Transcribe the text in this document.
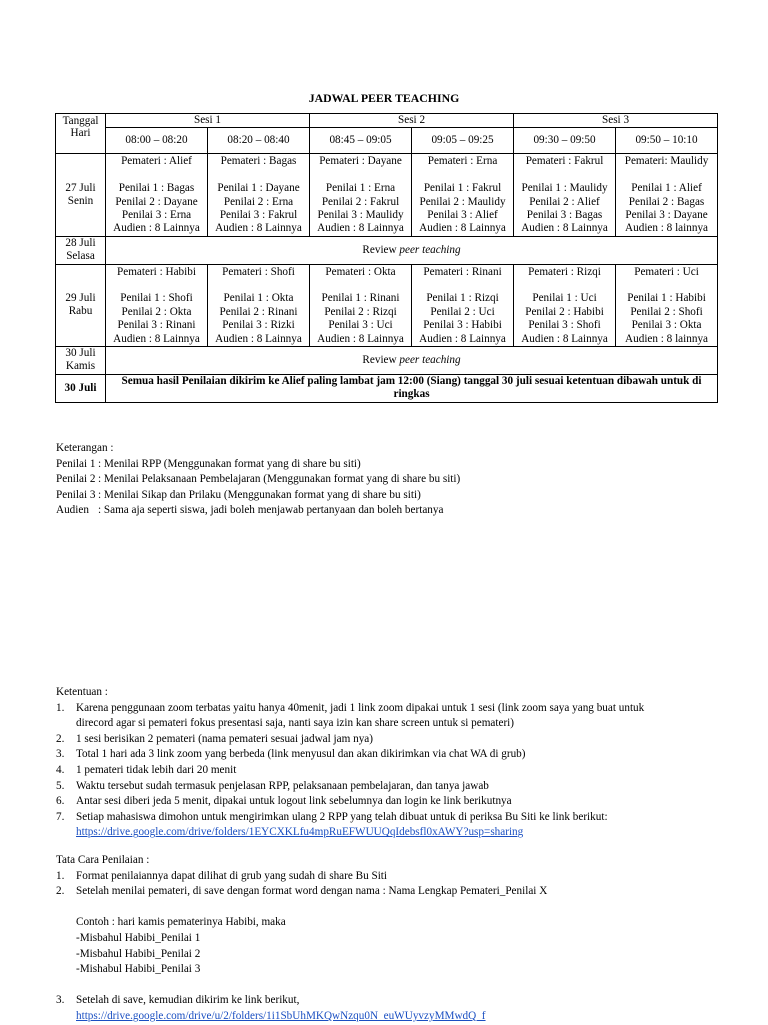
JADWAL PEER TEACHING
Tanggal Hari	Sesi 1		Sesi 2		Sesi 3	
	08:00 – 08:20	08:20 – 08:40	08:45 – 09:05	09:05 – 09:25	09:30 – 09:50	09:50 – 10:10

27 Juli
Senin	Pemateri : Alief
Penilai 1 : Bagas
Penilai 2 : Dayane
Penilai 3 : Erna
Audien : 8 Lainnya	Pemateri : Bagas
Penilai 1 : Dayane
Penilai 2 : Erna
Penilai 3 : Fakrul
Audien : 8 Lainnya	Pemateri : Dayane
Penilai 1 : Erna
Penilai 2 : Fakrul
Penilai 3 : Maulidy
Audien : 8 Lainnya	Pemateri : Erna
Penilai 1 : Fakrul
Penilai 2 : Maulidy
Penilai 3 : Alief
Audien : 8 Lainnya	Pemateri : Fakrul
Penilai 1 : Maulidy
Penilai 2 : Alief
Penilai 3 : Bagas
Audien : 8 Lainnya	Pemateri: Maulidy
Penilai 1 : Alief
Penilai 2 : Bagas
Penilai 3 : Dayane
Audien : 8 lainnya

28 Juli
Selasa	Review peer teaching					

29 Juli
Rabu	Pemateri : Habibi
Penilai 1 : Shofi
Penilai 2 : Okta
Penilai 3 : Rinani
Audien : 8 Lainnya	Pemateri : Shofi
Penilai 1 : Okta
Penilai 2 : Rinani
Penilai 3 : Rizki
Audien : 8 Lainnya	Pemateri : Okta
Penilai 1 : Rinani
Penilai 2 : Rizqi
Penilai 3 : Uci
Audien : 8 Lainnya	Pemateri : Rinani
Penilai 1 : Rizqi
Penilai 2 : Uci
Penilai 3 : Habibi
Audien : 8 Lainnya	Pemateri : Rizqi
Penilai 1 : Uci
Penilai 2 : Habibi
Penilai 3 : Shofi
Audien : 8 Lainnya	Pemateri : Uci
Penilai 1 : Habibi
Penilai 2 : Shofi
Penilai 3 : Okta
Audien : 8 lainnya

30 Juli
Kamis	Review peer teaching					
30 Juli	Semua hasil Penilaian dikirim ke Alief paling lambat jam 12:00 (Siang) tanggal 30 juli sesuai ketentuan dibawah untuk di ringkas					
Keterangan :
Penilai 1 : Menilai RPP (Menggunakan format yang di share bu siti)
Penilai 2 : Menilai Pelaksanaan Pembelajaran (Menggunakan format yang di share bu siti)
Penilai 3 : Menilai Sikap dan Prilaku (Menggunakan format yang di share bu siti)
Audien : Sama aja seperti siswa, jadi boleh menjawab pertanyaan dan boleh bertanya
Ketentuan :
1.	Karena penggunaan zoom terbatas yaitu hanya 40menit, jadi 1 link zoom dipakai untuk 1 sesi (link zoom saya yang buat untuk
direcord agar si pemateri fokus presentasi saja, nanti saya izin kan share screen untuk si pemateri)
2.	1 sesi berisikan 2 pemateri (nama pemateri sesuai jadwal jam nya)
3.	Total 1 hari ada 3 link zoom yang berbeda (link menyusul dan akan dikirimkan via chat WA di grub)
4.	1 pemateri tidak lebih dari 20 menit
5.	Waktu tersebut sudah termasuk penjelasan RPP, pelaksanaan pembelajaran, dan tanya jawab
6.	Antar sesi diberi jeda 5 menit, dipakai untuk logout link sebelumnya dan login ke link berikutnya
7.	Setiap mahasiswa dimohon untuk mengirimkan ulang 2 RPP yang telah dibuat untuk di periksa Bu Siti ke link berikut:
https://drive.google.com/drive/folders/1EYCXKLfu4mpRuEFWUUQqIdebsfl0xAWY?usp=sharing
Tata Cara Penilaian :
1.	Format penilaiannya dapat dilihat di grub yang sudah di share Bu Siti
2.	Setelah menilai pemateri, di save dengan format word dengan nama : Nama Lengkap Pemateri_Penilai X
Contoh : hari kamis pematerinya Habibi, maka
-Misbahul Habibi_Penilai 1
-Misbahul Habibi_Penilai 2
-Mishabul Habibi_Penilai 3
3.	Setelah di save, kemudian dikirim ke link berikut,
https://drive.google.com/drive/u/2/folders/1i1SbUhMKQwNzqu0N_euWUyvzyMMwdQ_f
